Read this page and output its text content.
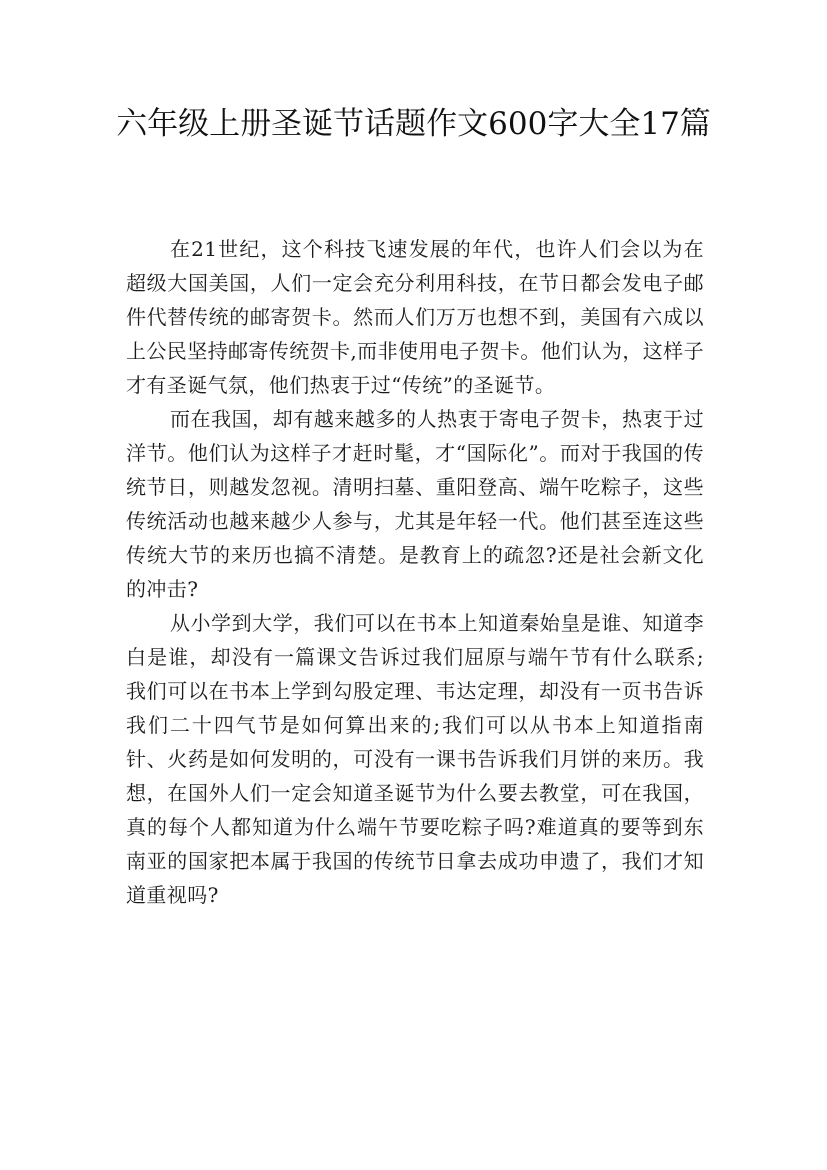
六年级上册圣诞节话题作文600字大全17篇

在21世纪，这个科技飞速发展的年代，也许人们会以为在超级大国美国，人们一定会充分利用科技，在节日都会发电子邮件代替传统的邮寄贺卡。然而人们万万也想不到，美国有六成以上公民坚持邮寄传统贺卡,而非使用电子贺卡。他们认为，这样子才有圣诞气氛，他们热衷于过“传统”的圣诞节。

而在我国，却有越来越多的人热衷于寄电子贺卡，热衷于过洋节。他们认为这样子才赶时髦，才“国际化”。而对于我国的传统节日，则越发忽视。清明扫墓、重阳登高、端午吃粽子，这些传统活动也越来越少人参与，尤其是年轻一代。他们甚至连这些传统大节的来历也搞不清楚。是教育上的疏忽?还是社会新文化的冲击?

从小学到大学，我们可以在书本上知道秦始皇是谁、知道李白是谁，却没有一篇课文告诉过我们屈原与端午节有什么联系;我们可以在书本上学到勾股定理、韦达定理，却没有一页书告诉我们二十四气节是如何算出来的;我们可以从书本上知道指南针、火药是如何发明的，可没有一课书告诉我们月饼的来历。我想，在国外人们一定会知道圣诞节为什么要去教堂，可在我国，真的每个人都知道为什么端午节要吃粽子吗?难道真的要等到东南亚的国家把本属于我国的传统节日拿去成功申遗了，我们才知道重视吗?
